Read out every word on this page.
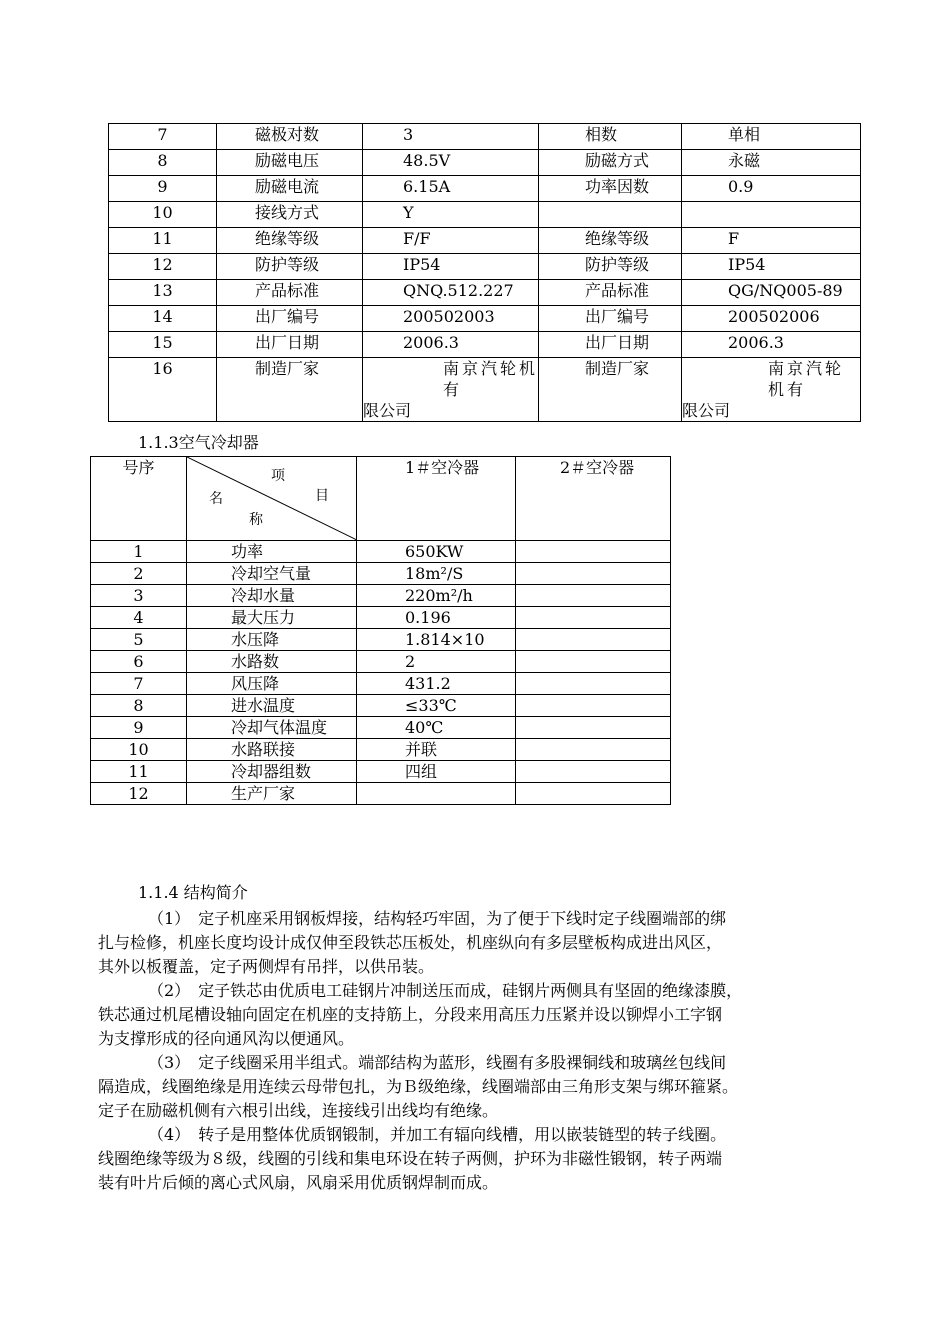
7	磁极对数	3	相数	单相
8	励磁电压	48.5V	励磁方式	永磁
9	励磁电流	6.15A	功率因数	0.9
10	接线方式	Y		
11	绝缘等级	F/F	绝缘等级	F
12	防护等级	IP54	防护等级	IP54
13	产品标准	QNQ.512.227	产品标准	QG/NQ005-89
14	出厂编号	200502003	出厂编号	200502006
15	出厂日期	2006.3	出厂日期	2006.3
16	制造厂家	南京汽轮机有
限公司	制造厂家	南京汽轮机有
限公司
1.1.3空气冷却器
号序	项
名 目
称	1＃空冷器	2＃空冷器
1	功率	650KW	
2	冷却空气量	18m²/S	
3	冷却水量	220m²/h	
4	最大压力	0.196	
5	水压降	1.814×10	
6	水路数	2	
7	风压降	431.2	
8	进水温度	≤33℃	
9	冷却气体温度	40℃	
10	水路联接	并联	
11	冷却器组数	四组	
12	生产厂家		

1.1.4 结构简介

（1）　定子机座采用钢板焊接，结构轻巧牢固，为了便于下线时定子线圈端部的绑

扎与检修，机座长度均设计成仅伸至段铁芯压板处，机座纵向有多层壁板构成进出风区，

其外以板覆盖，定子两侧焊有吊拌，以供吊装。

（2）　定子铁芯由优质电工硅钢片冲制送压而成，硅钢片两侧具有坚固的绝缘漆膜，

铁芯通过机尾槽设轴向固定在机座的支持筋上，分段来用高压力压紧并设以铆焊小工字钢

为支撑形成的径向通风沟以便通风。

（3）　定子线圈采用半组式。端部结构为蓝形，线圈有多股裸铜线和玻璃丝包线间

隔造成，线圈绝缘是用连续云母带包扎，为Ｂ级绝缘，线圈端部由三角形支架与绑环箍紧。

定子在励磁机侧有六根引出线，连接线引出线均有绝缘。

（4）　转子是用整体优质钢锻制，并加工有辐向线槽，用以嵌装链型的转子线圈。

线圈绝缘等级为８级，线圈的引线和集电环设在转子两侧，护环为非磁性锻钢，转子两端

装有叶片后倾的离心式风扇，风扇采用优质钢焊制而成。
